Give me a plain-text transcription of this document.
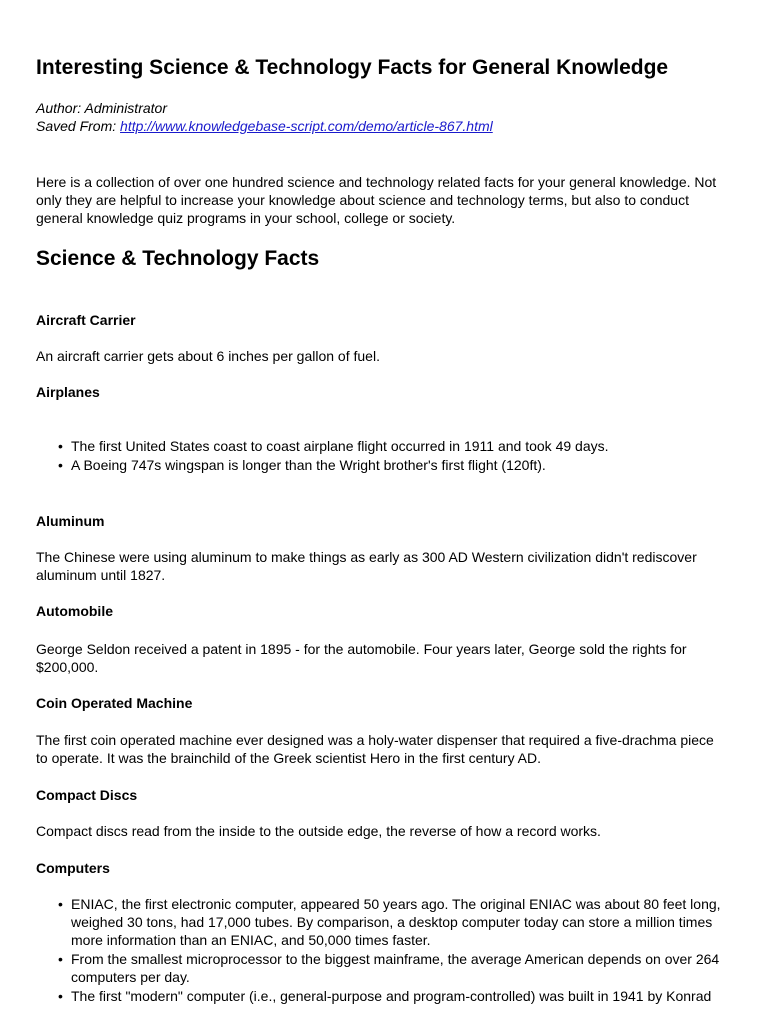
Interesting Science & Technology Facts for General Knowledge
Author: Administrator
Saved From: http://www.knowledgebase-script.com/demo/article-867.html

Here is a collection of over one hundred science and technology related facts for your general knowledge. Not only they are helpful to increase your knowledge about science and technology terms, but also to conduct general knowledge quiz programs in your school, college or society.

Science & Technology Facts
Aircraft Carrier

An aircraft carrier gets about 6 inches per gallon of fuel.

Airplanes
• The first United States coast to coast airplane flight occurred in 1911 and took 49 days.
• A Boeing 747s wingspan is longer than the Wright brother's first flight (120ft).
Aluminum

The Chinese were using aluminum to make things as early as 300 AD Western civilization didn't rediscover aluminum until 1827.

Automobile

George Seldon received a patent in 1895 - for the automobile. Four years later, George sold the rights for $200,000.

Coin Operated Machine

The first coin operated machine ever designed was a holy-water dispenser that required a five-drachma piece to operate. It was the brainchild of the Greek scientist Hero in the first century AD.

Compact Discs

Compact discs read from the inside to the outside edge, the reverse of how a record works.

Computers
• ENIAC, the first electronic computer, appeared 50 years ago. The original ENIAC was about 80 feet long, weighed 30 tons, had 17,000 tubes. By comparison, a desktop computer today can store a million times more information than an ENIAC, and 50,000 times faster.
• From the smallest microprocessor to the biggest mainframe, the average American depends on over 264 computers per day.
• The first "modern" computer (i.e., general-purpose and program-controlled) was built in 1941 by Konrad
